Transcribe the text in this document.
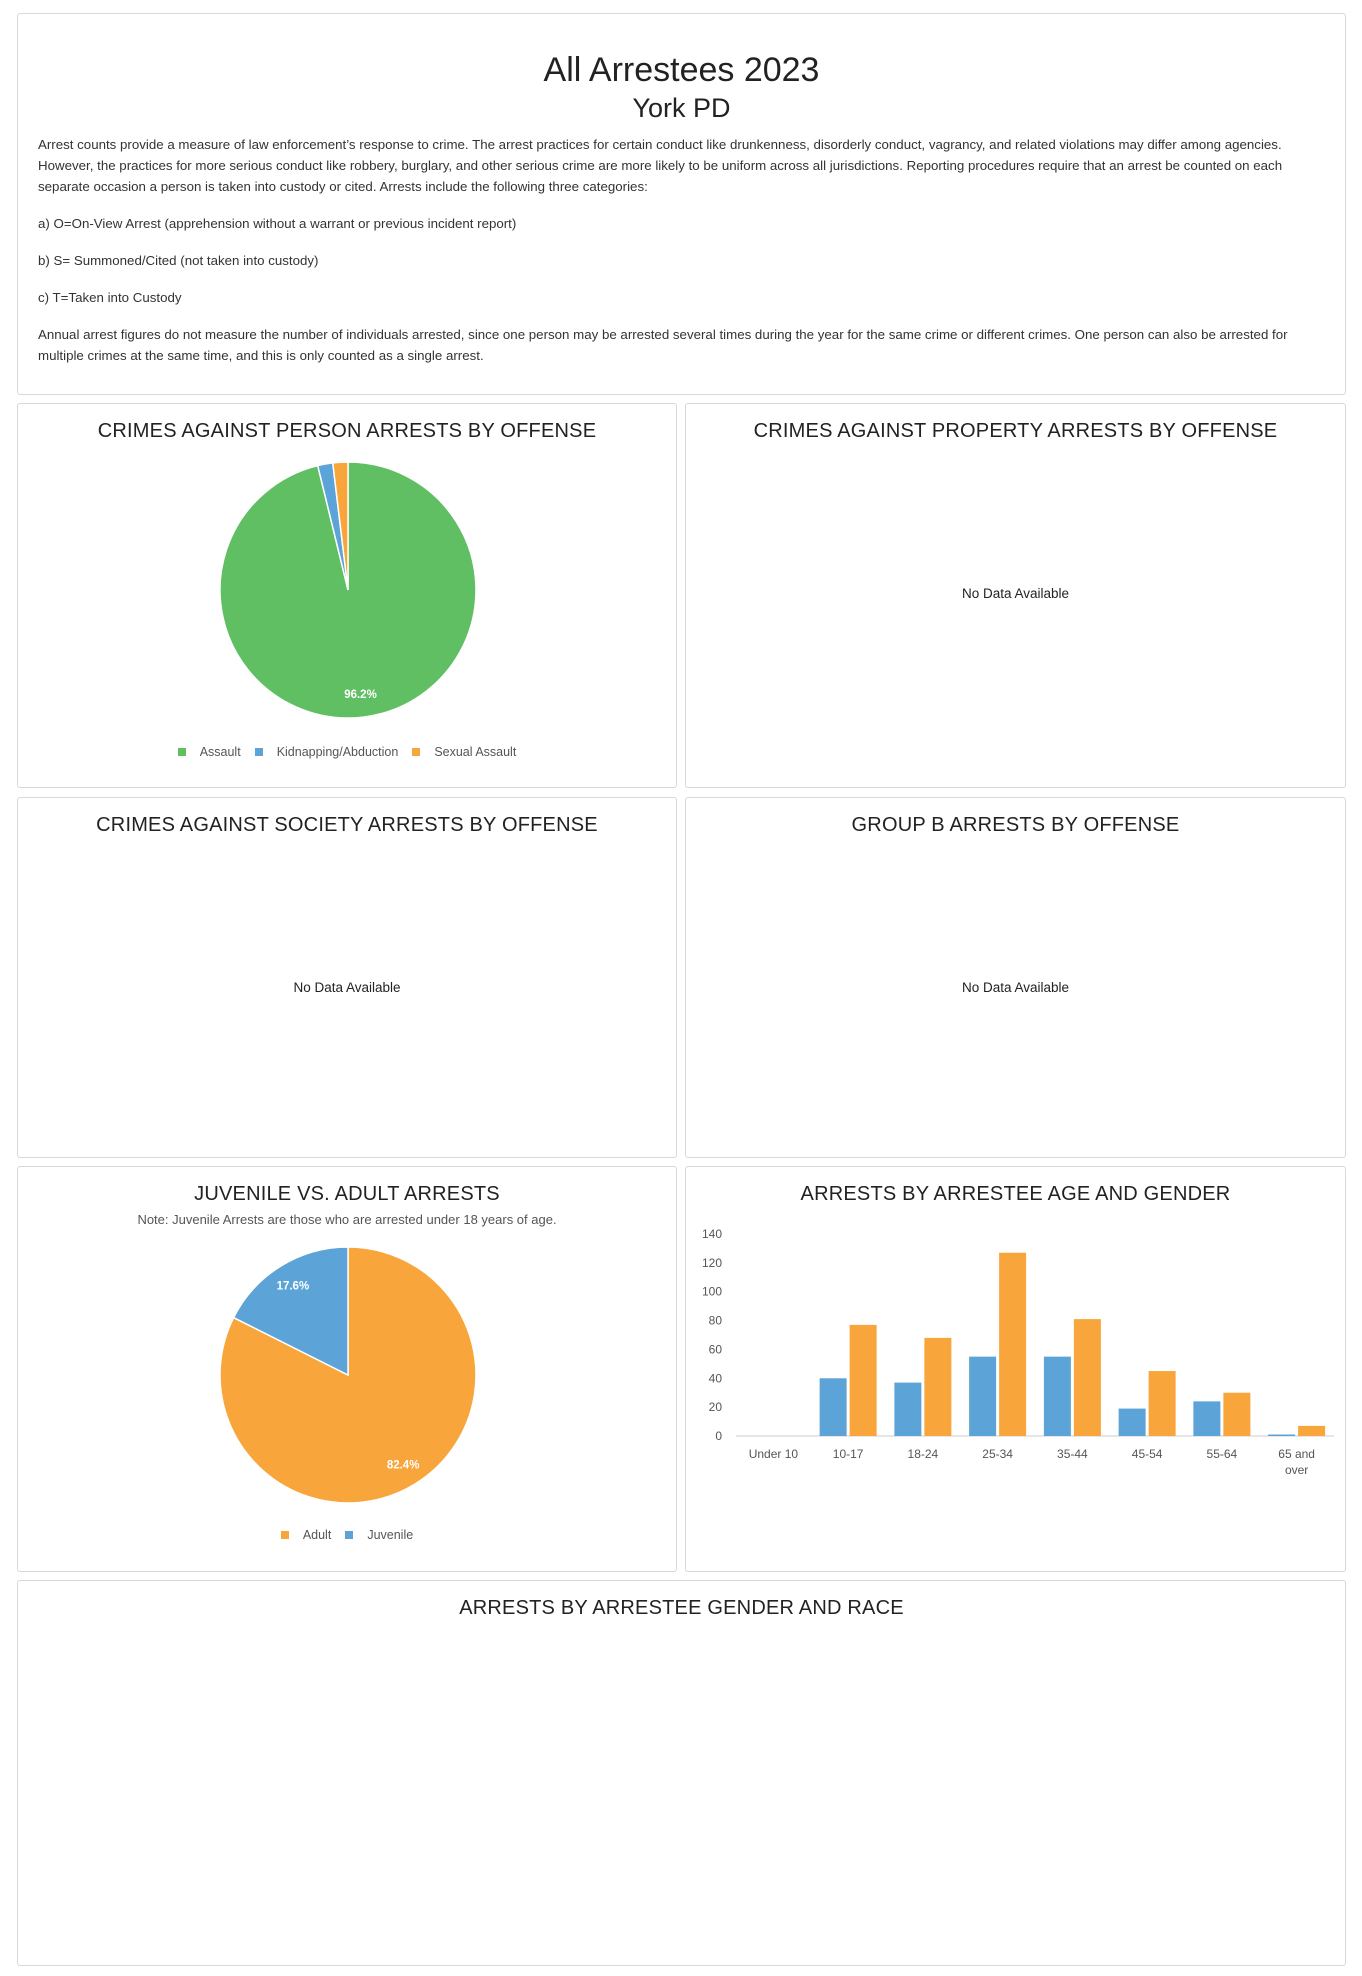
All Arrestees 2023
York PD

Arrest counts provide a measure of law enforcement’s response to crime. The arrest practices for certain conduct like drunkenness, disorderly conduct, vagrancy, and related violations may differ among agencies. However, the practices for more serious conduct like robbery, burglary, and other serious crime are more likely to be uniform across all jurisdictions. Reporting procedures require that an arrest be counted on each separate occasion a person is taken into custody or cited. Arrests include the following three categories:

a) O=On-View Arrest (apprehension without a warrant or previous incident report)

b) S= Summoned/Cited (not taken into custody)

c) T=Taken into Custody

Annual arrest figures do not measure the number of individuals arrested, since one person may be arrested several times during the year for the same crime or different crimes. One person can also be arrested for multiple crimes at the same time, and this is only counted as a single arrest.

CRIMES AGAINST PERSON ARRESTS BY OFFENSE
96.2%
Assault	Kidnapping/Abduction	Sexual Assault
CRIMES AGAINST PROPERTY ARRESTS BY OFFENSE
No Data Available
CRIMES AGAINST SOCIETY ARRESTS BY OFFENSE
No Data Available
GROUP B ARRESTS BY OFFENSE
No Data Available
JUVENILE VS. ADULT ARRESTS
Note: Juvenile Arrests are those who are arrested under 18 years of age.
82.4%
17.6%
Adult	Juvenile
ARRESTS BY ARRESTEE AGE AND GENDER
0
20
40
60
80
100
120
140
Under 10	10-17	18-24	25-34	35-44	45-54	55-64	65 and over
ARRESTS BY ARRESTEE GENDER AND RACE
